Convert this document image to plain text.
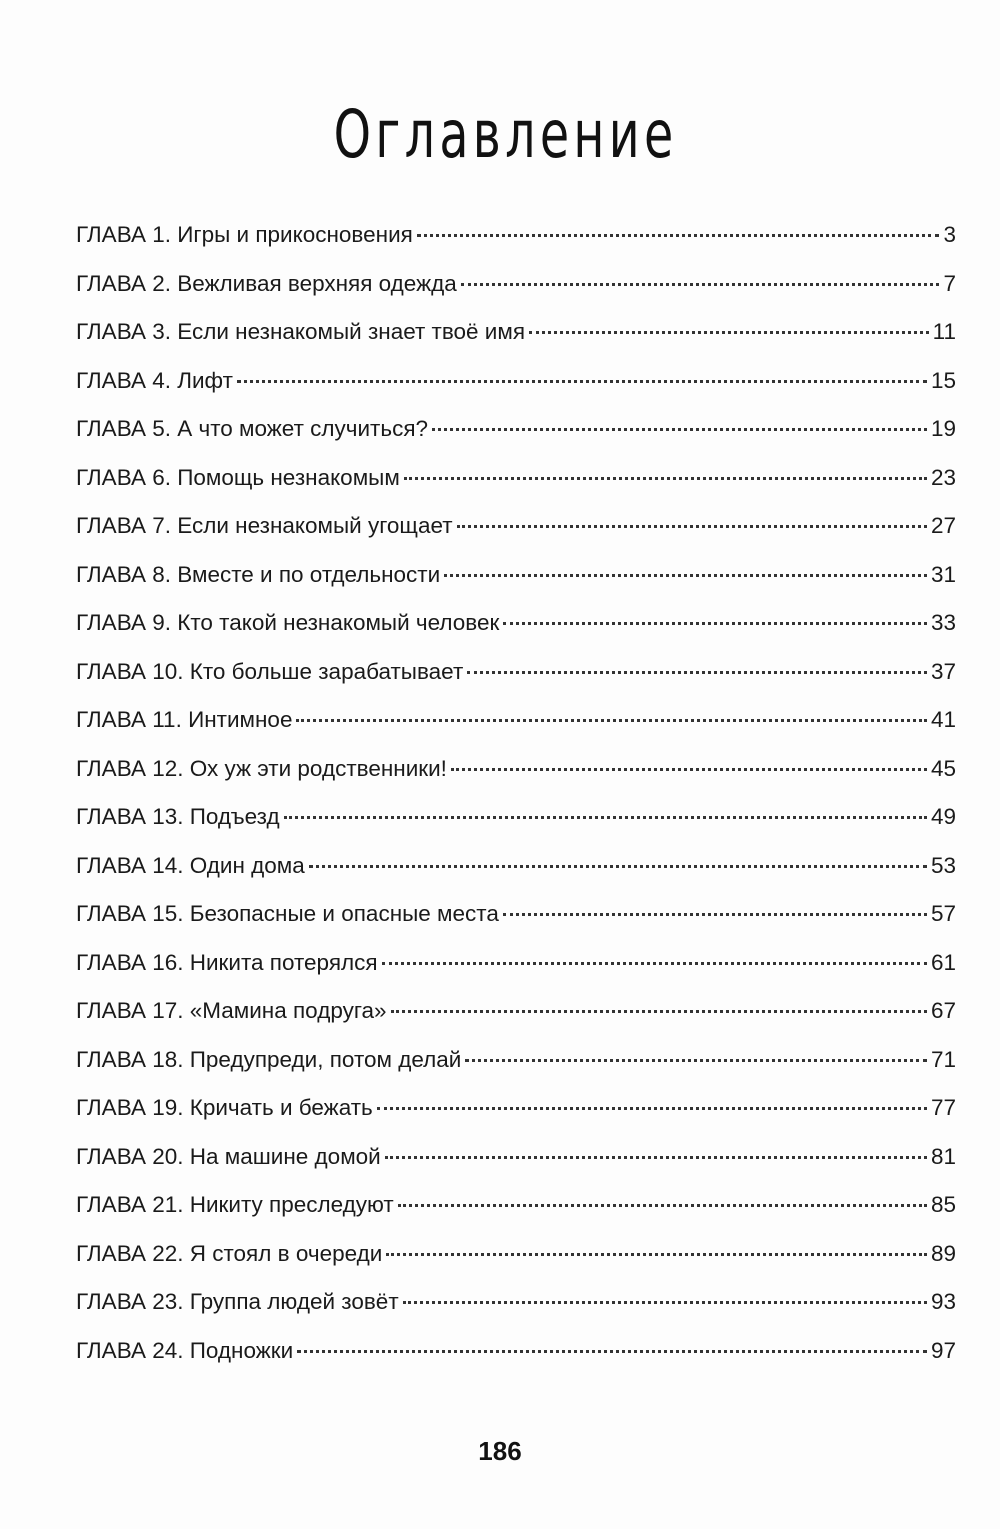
Оглавление
ГЛАВА 1. Игры и прикосновения	3
ГЛАВА 2. Вежливая верхняя одежда	7
ГЛАВА 3. Если незнакомый знает твоё имя	11
ГЛАВА 4. Лифт	15
ГЛАВА 5. А что может случиться?	19
ГЛАВА 6. Помощь незнакомым	23
ГЛАВА 7. Если незнакомый угощает	27
ГЛАВА 8. Вместе и по отдельности	31
ГЛАВА 9. Кто такой незнакомый человек	33
ГЛАВА 10. Кто больше зарабатывает	37
ГЛАВА 11. Интимное	41
ГЛАВА 12. Ох уж эти родственники!	45
ГЛАВА 13. Подъезд	49
ГЛАВА 14. Один дома	53
ГЛАВА 15. Безопасные и опасные места	57
ГЛАВА 16. Никита потерялся	61
ГЛАВА 17. «Мамина подруга»	67
ГЛАВА 18. Предупреди, потом делай	71
ГЛАВА 19. Кричать и бежать	77
ГЛАВА 20. На машине домой	81
ГЛАВА 21. Никиту преследуют	85
ГЛАВА 22. Я стоял в очереди	89
ГЛАВА 23. Группа людей зовёт	93
ГЛАВА 24. Подножки	97
186
